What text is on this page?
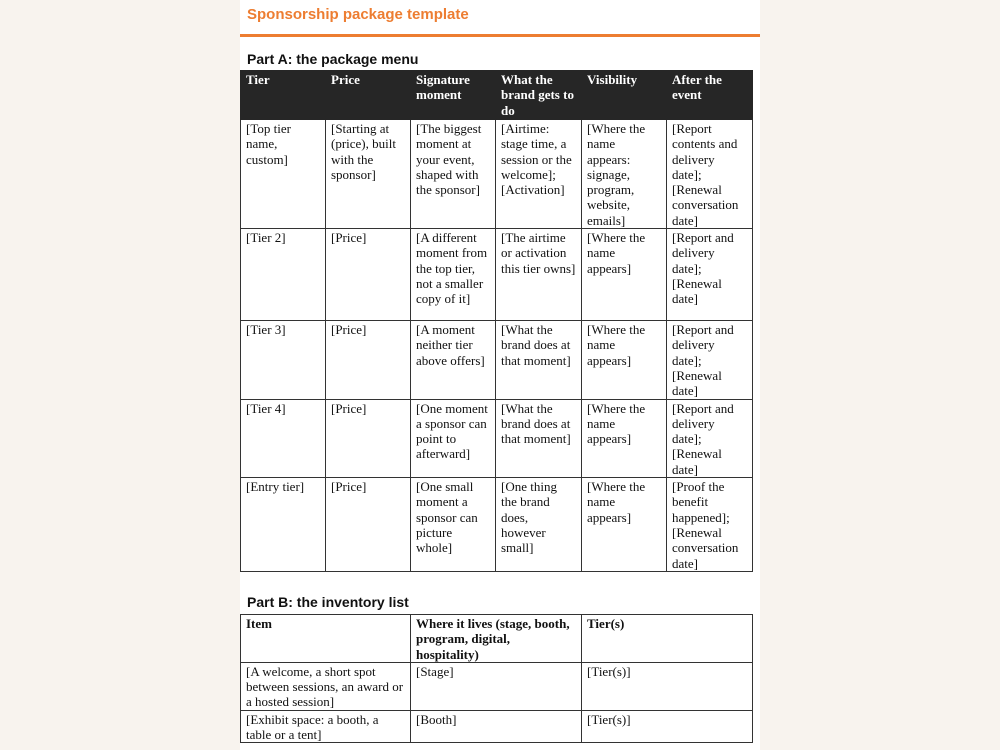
Sponsorship package template
Part A: the package menu
Tier	Price	Signature moment	What the brand gets to do	Visibility	After the event
[Top tier name, custom]	[Starting at (price), built with the sponsor]	[The biggest moment at your event, shaped with the sponsor]	[Airtime: stage time, a session or the welcome]; [Activation]	[Where the name appears: signage, program, website, emails]	[Report contents and delivery date]; [Renewal conversation date]
[Tier 2]	[Price]	[A different moment from the top tier, not a smaller copy of it]	[The airtime or activation this tier owns]	[Where the name appears]	[Report and delivery date]; [Renewal date]
[Tier 3]	[Price]	[A moment neither tier above offers]	[What the brand does at that moment]	[Where the name appears]	[Report and delivery date]; [Renewal date]
[Tier 4]	[Price]	[One moment a sponsor can point to afterward]	[What the brand does at that moment]	[Where the name appears]	[Report and delivery date]; [Renewal date]
[Entry tier]	[Price]	[One small moment a sponsor can picture whole]	[One thing the brand does, however small]	[Where the name appears]	[Proof the benefit happened]; [Renewal conversation date]
Part B: the inventory list
Item	Where it lives (stage, booth, program, digital, hospitality)	Tier(s)
[A welcome, a short spot between sessions, an award or a hosted session]	[Stage]	[Tier(s)]
[Exhibit space: a booth, a table or a tent]	[Booth]	[Tier(s)]
